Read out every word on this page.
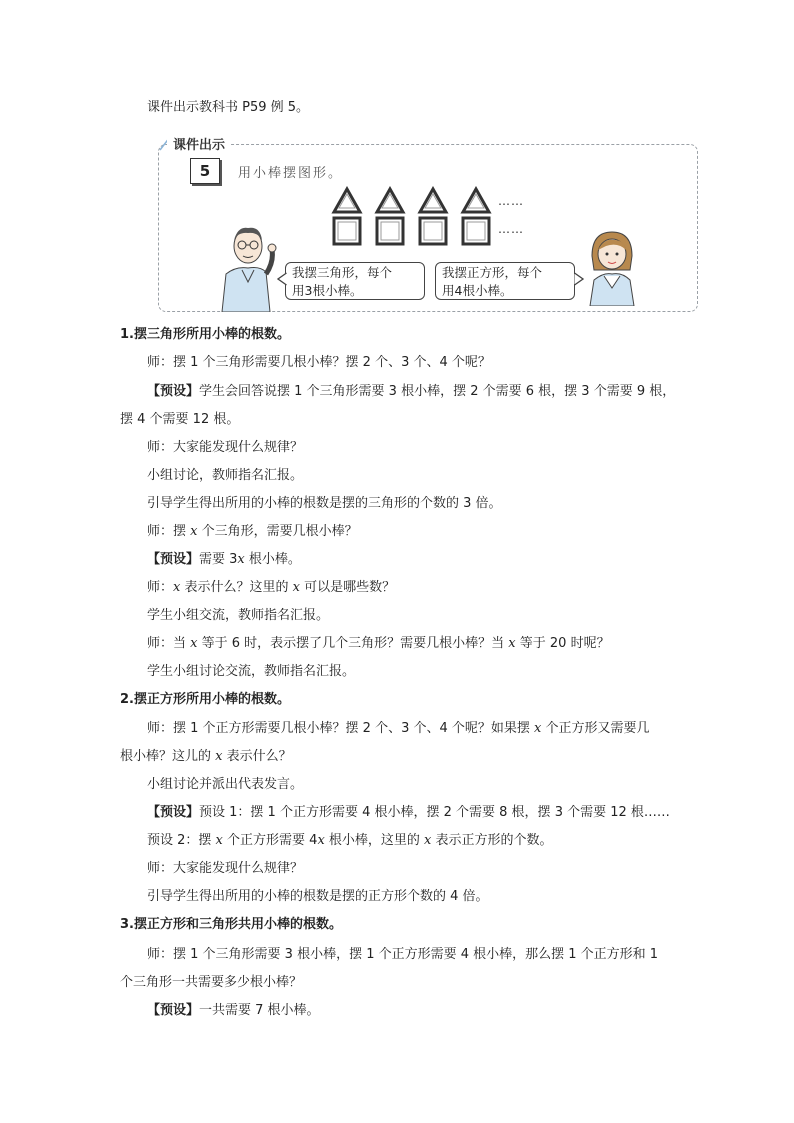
课件出示教科书 P59 例 5。
课件出示
5	用小棒摆图形。
……
……
我摆三角形，每个
用3根小棒。
我摆正方形，每个
用4根小棒。
1.摆三角形所用小棒的根数。
师：摆 1 个三角形需要几根小棒？摆 2 个、3 个、4 个呢？
【预设】学生会回答说摆 1 个三角形需要 3 根小棒，摆 2 个需要 6 根，摆 3 个需要 9 根，
摆 4 个需要 12 根。
师：大家能发现什么规律？
小组讨论，教师指名汇报。
引导学生得出所用的小棒的根数是摆的三角形的个数的 3 倍。
师：摆 x 个三角形，需要几根小棒？
【预设】需要 3x 根小棒。
师：x 表示什么？这里的 x 可以是哪些数？
学生小组交流，教师指名汇报。
师：当 x 等于 6 时，表示摆了几个三角形？需要几根小棒？当 x 等于 20 时呢？
学生小组讨论交流，教师指名汇报。
2.摆正方形所用小棒的根数。
师：摆 1 个正方形需要几根小棒？摆 2 个、3 个、4 个呢？如果摆 x 个正方形又需要几
根小棒？这儿的 x 表示什么？
小组讨论并派出代表发言。
【预设】预设 1：摆 1 个正方形需要 4 根小棒，摆 2 个需要 8 根，摆 3 个需要 12 根……
预设 2：摆 x 个正方形需要 4x 根小棒，这里的 x 表示正方形的个数。
师：大家能发现什么规律？
引导学生得出所用的小棒的根数是摆的正方形个数的 4 倍。
3.摆正方形和三角形共用小棒的根数。
师：摆 1 个三角形需要 3 根小棒，摆 1 个正方形需要 4 根小棒，那么摆 1 个正方形和 1
个三角形一共需要多少根小棒？
【预设】一共需要 7 根小棒。
